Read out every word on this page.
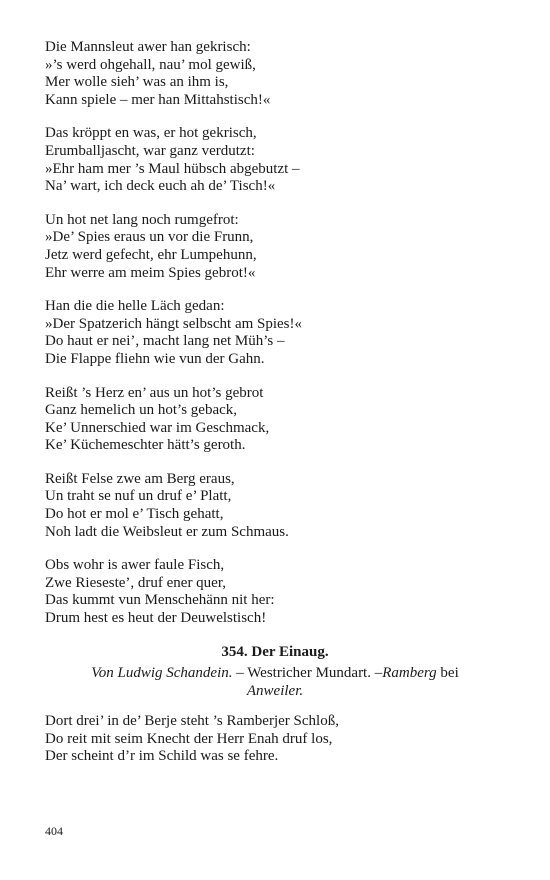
Die Mannsleut awer han gekrisch:
»’s werd ohgehall, nau’ mol gewiß,
Mer wolle sieh’ was an ihm is,
Kann spiele – mer han Mittahstisch!«
Das kröppt en was, er hot gekrisch,
Erumballjascht, war ganz verdutzt:
»Ehr ham mer ’s Maul hübsch abgebutzt –
Na’ wart, ich deck euch ah de’ Tisch!«
Un hot net lang noch rumgefrot:
»De’ Spies eraus un vor die Frunn,
Jetz werd gefecht, ehr Lumpehunn,
Ehr werre am meim Spies gebrot!«
Han die die helle Läch gedan:
»Der Spatzerich hängt selbscht am Spies!«
Do haut er nei’, macht lang net Müh’s –
Die Flappe fliehn wie vun der Gahn.
Reißt ’s Herz en’ aus un hot’s gebrot
Ganz hemelich un hot’s geback,
Ke’ Unnerschied war im Geschmack,
Ke’ Küchemeschter hätt’s geroth.
Reißt Felse zwe am Berg eraus,
Un traht se nuf un druf e’ Platt,
Do hot er mol e’ Tisch gehatt,
Noh ladt die Weibsleut er zum Schmaus.
Obs wohr is awer faule Fisch,
Zwe Riesestе’, druf ener quer,
Das kummt vun Menschehänn nit her:
Drum hest es heut der Deuwelstisch!
354. Der Einaug.
Von Ludwig Schandein. – Westricher Mundart. –Ramberg bei
Anweiler.
Dort drei’ in de’ Berje steht ’s Ramberjer Schloß,
Do reit mit seim Knecht der Herr Enah druf los,
Der scheint d’r im Schild was se fehre.
404
